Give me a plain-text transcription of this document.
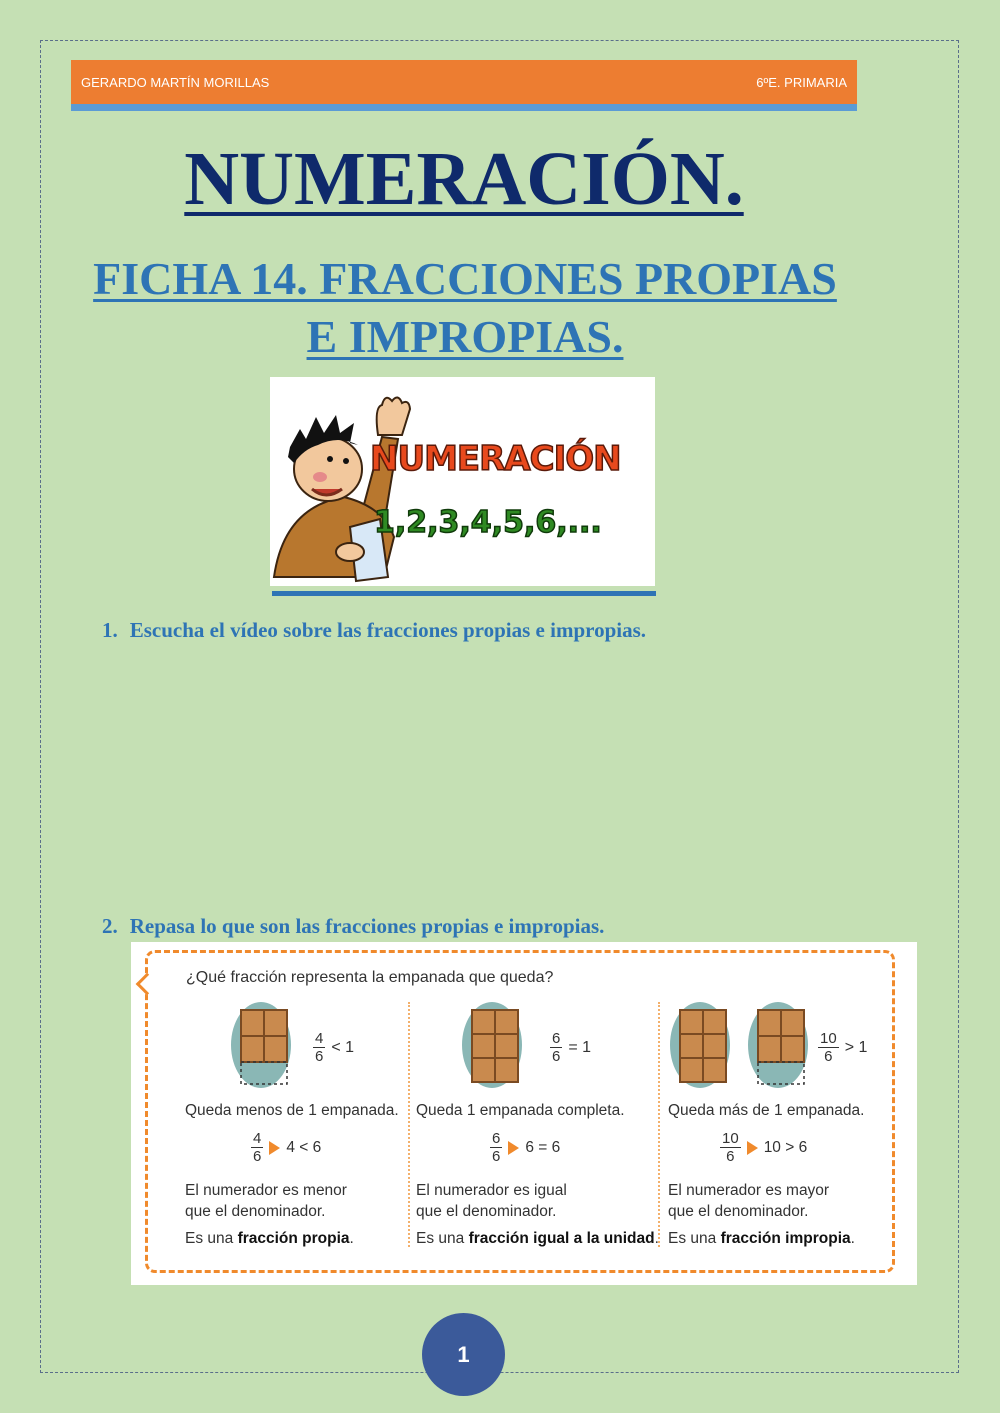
GERARDO MARTÍN MORILLAS	6ºE. PRIMARIA
NUMERACIÓN.
FICHA 14. FRACCIONES PROPIAS
E IMPROPIAS.
NUMERACIÓN
1,2,3,4,5,6,...
1. Escucha el vídeo sobre las fracciones propias e impropias.
2. Repasa lo que son las fracciones propias e impropias.
¿Qué fracción representa la empanada que queda?
$\frac{4}{6} < 1$
Queda menos de 1 empanada.
$\frac{4}{6} 4 < 6$
El numerador es menor
que el denominador.
Es una fracción propia.
$\frac{6}{6} = 1$
Queda 1 empanada completa.
$\frac{6}{6} 6 = 6$
El numerador es igual
que el denominador.
Es una fracción igual a la unidad.
$\frac{10}{6} > 1$
Queda más de 1 empanada.
$\frac{10}{6} 10 > 6$
El numerador es mayor
que el denominador.
Es una fracción impropia.
1
